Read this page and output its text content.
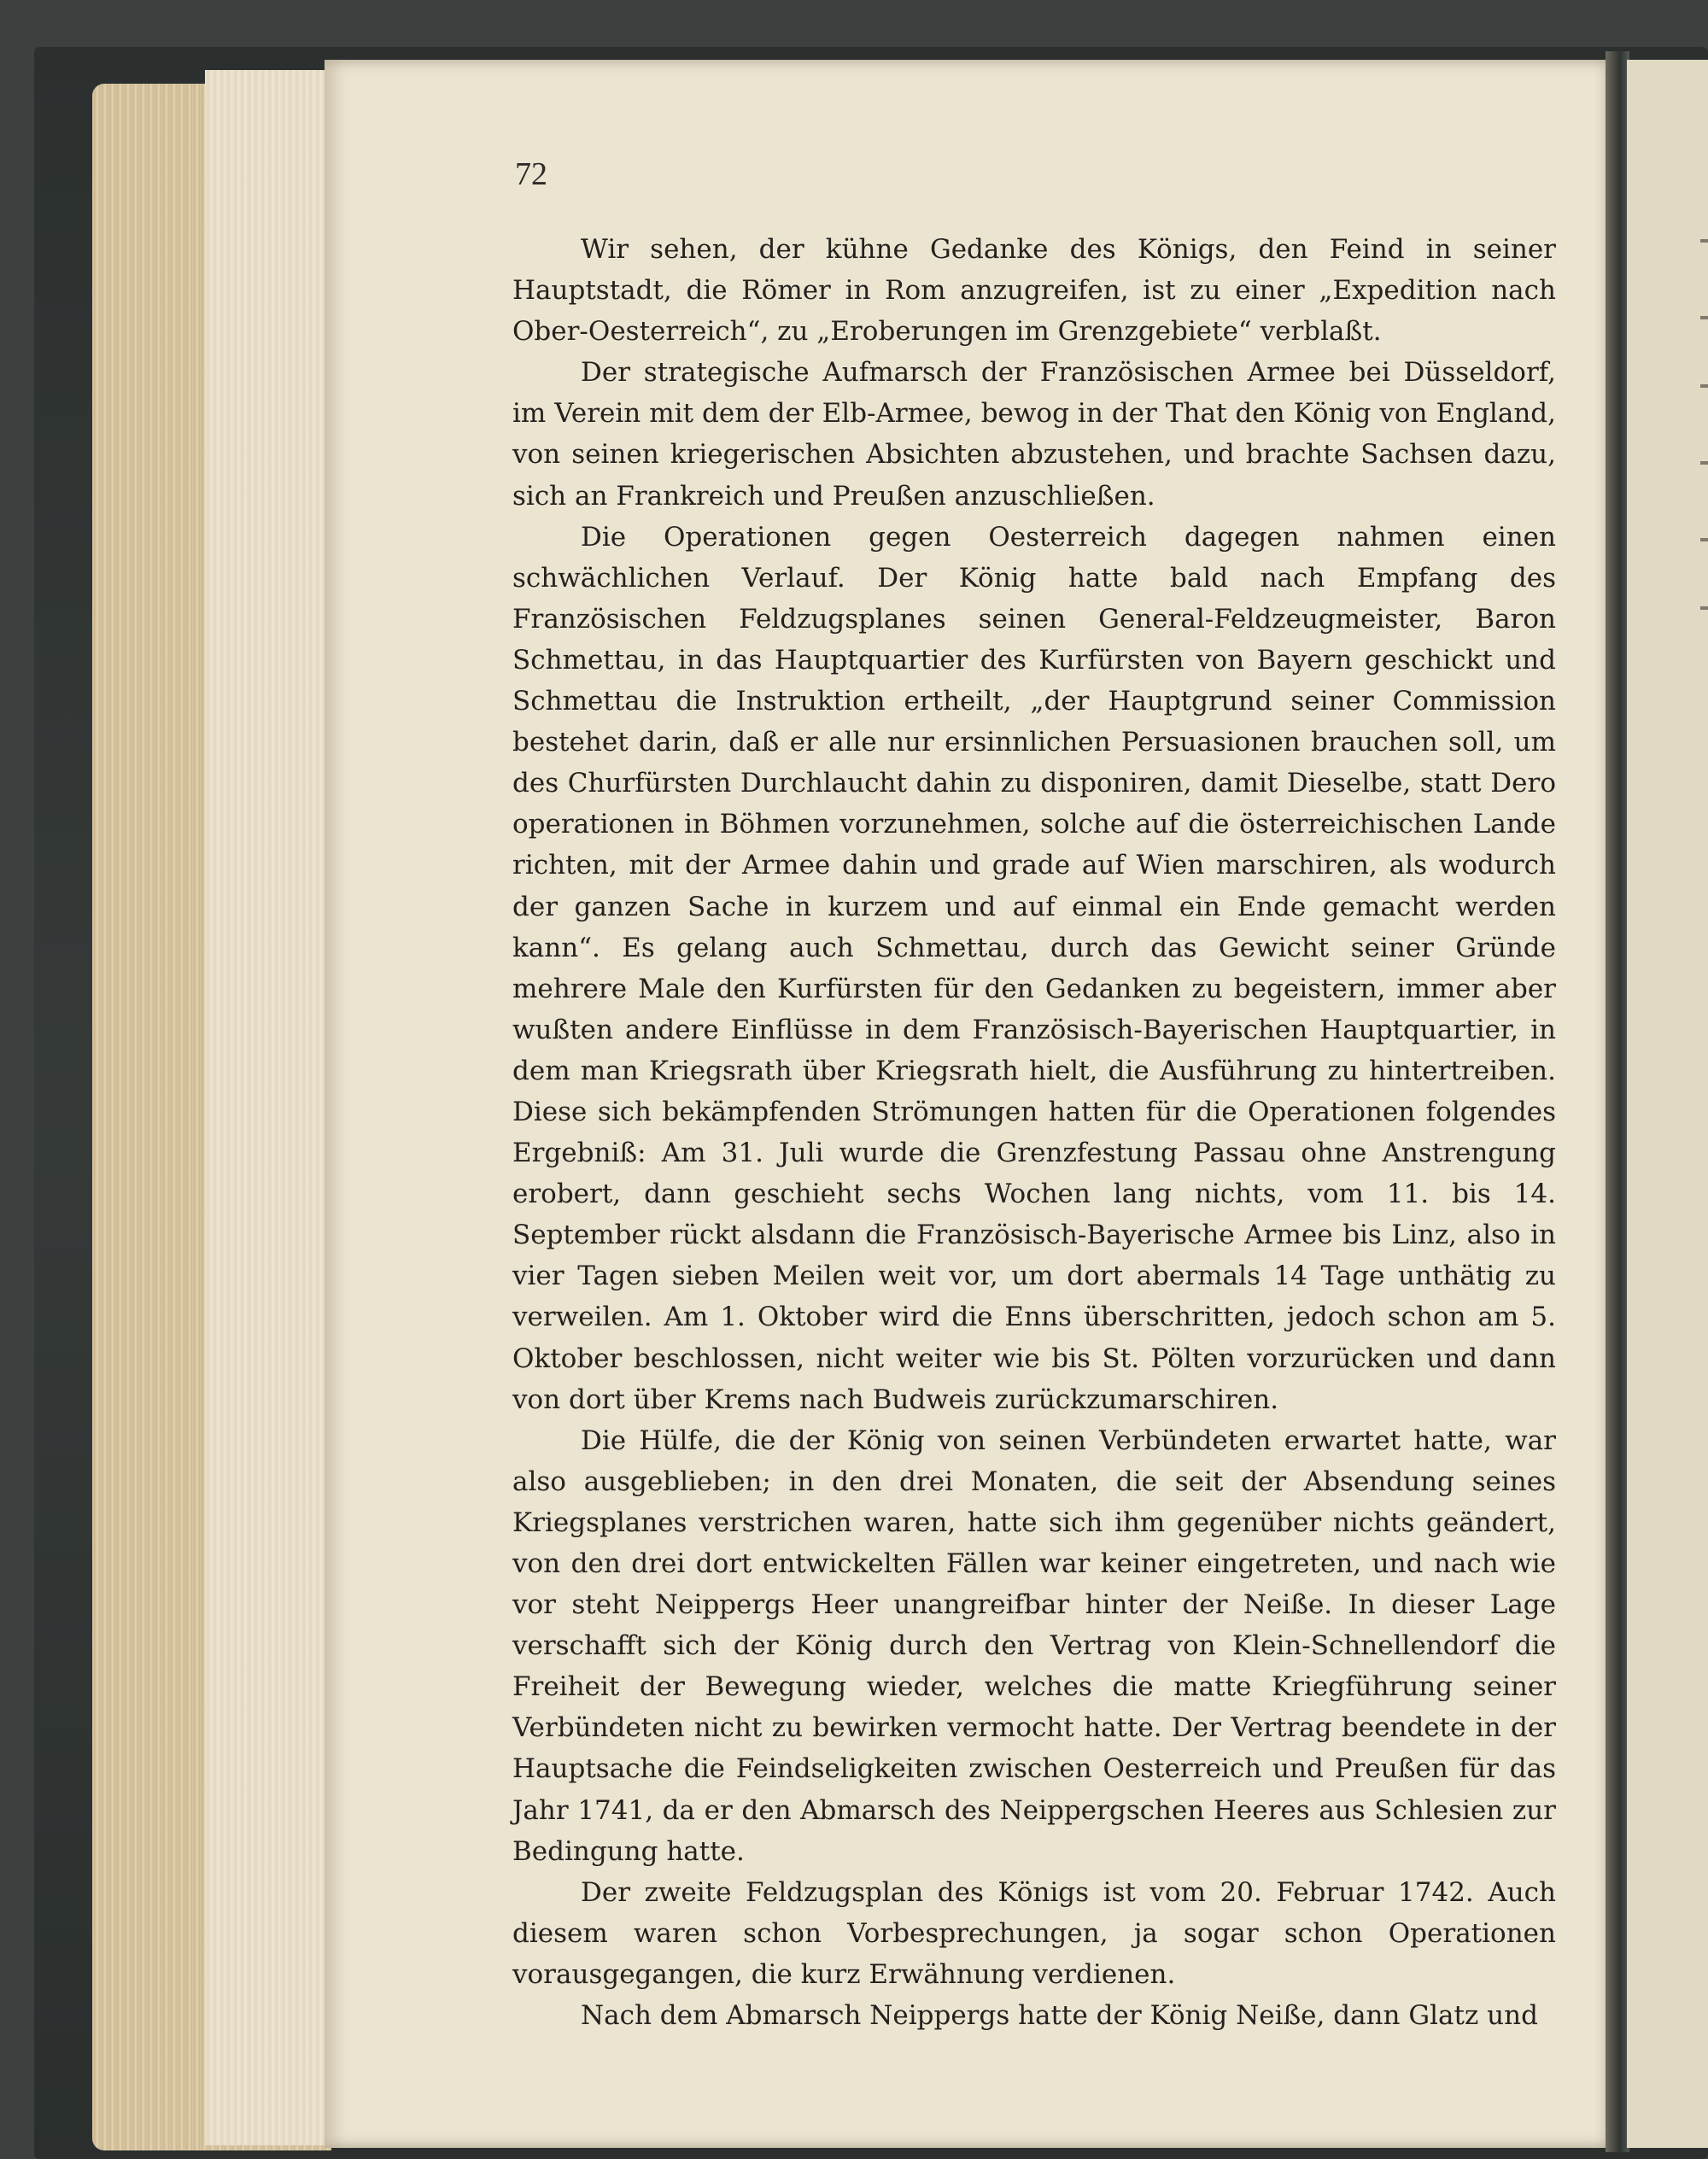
72

Wir sehen, der kühne Gedanke des Königs, den Feind in seiner Hauptstadt, die Römer in Rom anzugreifen, ist zu einer „Expedition nach Ober-Oesterreich“, zu „Eroberungen im Grenzgebiete“ verblaßt.

Der strategische Aufmarsch der Französischen Armee bei Düsseldorf, im Verein mit dem der Elb-Armee, bewog in der That den König von England, von seinen kriegerischen Absichten abzustehen, und brachte Sachsen dazu, sich an Frankreich und Preußen anzuschließen.

Die Operationen gegen Oesterreich dagegen nahmen einen schwächlichen Verlauf. Der König hatte bald nach Empfang des Französischen Feldzugsplanes seinen General-Feldzeugmeister, Baron Schmettau, in das Hauptquartier des Kurfürsten von Bayern geschickt und Schmettau die Instruktion ertheilt, „der Hauptgrund seiner Commission bestehet darin, daß er alle nur ersinnlichen Persuasionen brauchen soll, um des Churfürsten Durchlaucht dahin zu disponiren, damit Dieselbe, statt Dero operationen in Böhmen vorzunehmen, solche auf die österreichischen Lande richten, mit der Armee dahin und grade auf Wien marschiren, als wodurch der ganzen Sache in kurzem und auf einmal ein Ende gemacht werden kann“. Es gelang auch Schmettau, durch das Gewicht seiner Gründe mehrere Male den Kurfürsten für den Gedanken zu begeistern, immer aber wußten andere Einflüsse in dem Französisch-Bayerischen Hauptquartier, in dem man Kriegsrath über Kriegsrath hielt, die Ausführung zu hintertreiben. Diese sich bekämpfenden Strömungen hatten für die Operationen folgendes Ergebniß: Am 31. Juli wurde die Grenzfestung Passau ohne Anstrengung erobert, dann geschieht sechs Wochen lang nichts, vom 11. bis 14. September rückt alsdann die Französisch-Bayerische Armee bis Linz, also in vier Tagen sieben Meilen weit vor, um dort abermals 14 Tage unthätig zu verweilen. Am 1. Oktober wird die Enns überschritten, jedoch schon am 5. Oktober beschlossen, nicht weiter wie bis St. Pölten vorzurücken und dann von dort über Krems nach Budweis zurückzumarschiren.

Die Hülfe, die der König von seinen Verbündeten erwartet hatte, war also ausgeblieben; in den drei Monaten, die seit der Absendung seines Kriegsplanes verstrichen waren, hatte sich ihm gegenüber nichts geändert, von den drei dort entwickelten Fällen war keiner eingetreten, und nach wie vor steht Neippergs Heer unangreifbar hinter der Neiße. In dieser Lage verschafft sich der König durch den Vertrag von Klein-Schnellendorf die Freiheit der Bewegung wieder, welches die matte Kriegführung seiner Verbündeten nicht zu bewirken vermocht hatte. Der Vertrag beendete in der Hauptsache die Feindseligkeiten zwischen Oesterreich und Preußen für das Jahr 1741, da er den Abmarsch des Neippergschen Heeres aus Schlesien zur Bedingung hatte.

Der zweite Feldzugsplan des Königs ist vom 20. Februar 1742. Auch diesem waren schon Vorbesprechungen, ja sogar schon Operationen vorausgegangen, die kurz Erwähnung verdienen.

Nach dem Abmarsch Neippergs hatte der König Neiße, dann Glatz und
